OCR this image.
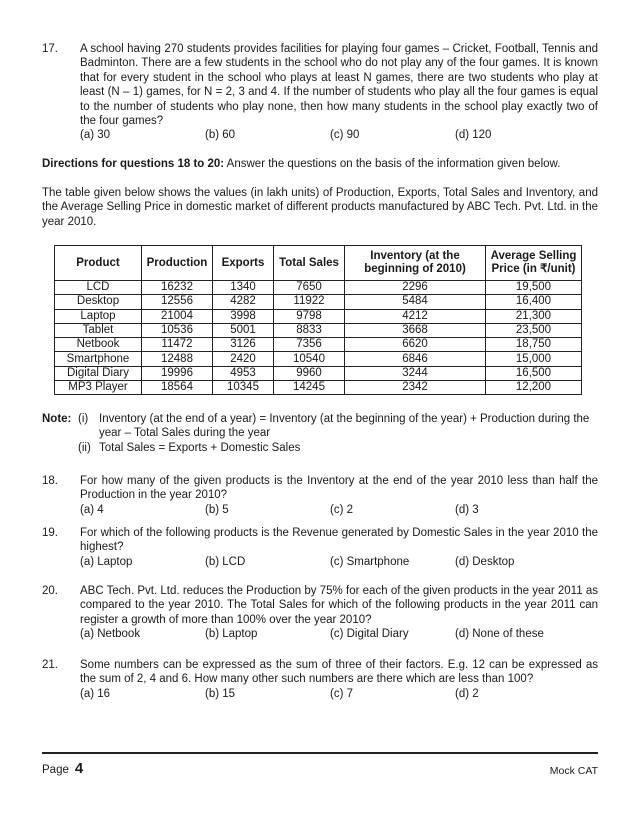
17. A school having 270 students provides facilities for playing four games – Cricket, Football, Tennis and Badminton. There are a few students in the school who do not play any of the four games. It is known that for every student in the school who plays at least N games, there are two students who play at least (N – 1) games, for N = 2, 3 and 4. If the number of students who play all the four games is equal to the number of students who play none, then how many students in the school play exactly two of the four games?
(a) 30	(b) 60	(c) 90	(d) 120
Directions for questions 18 to 20: Answer the questions on the basis of the information given below.
The table given below shows the values (in lakh units) of Production, Exports, Total Sales and Inventory, and the Average Selling Price in domestic market of different products manufactured by ABC Tech. Pvt. Ltd. in the year 2010.
Product	Production	Exports	Total Sales	Inventory (at the beginning of 2010)	Average Selling Price (in ₹/unit)
LCD	16232	1340	7650	2296	19,500
Desktop	12556	4282	11922	5484	16,400
Laptop	21004	3998	9798	4212	21,300
Tablet	10536	5001	8833	3668	23,500
Netbook	11472	3126	7356	6620	18,750
Smartphone	12488	2420	10540	6846	15,000
Digital Diary	19996	4953	9960	3244	16,500
MP3 Player	18564	10345	14245	2342	12,200
Note: (i) Inventory (at the end of a year) = Inventory (at the beginning of the year) + Production during the year – Total Sales during the year
(ii) Total Sales = Exports + Domestic Sales
18. For how many of the given products is the Inventory at the end of the year 2010 less than half the Production in the year 2010?
(a) 4	(b) 5	(c) 2	(d) 3
19. For which of the following products is the Revenue generated by Domestic Sales in the year 2010 the highest?
(a) Laptop	(b) LCD	(c) Smartphone	(d) Desktop
20. ABC Tech. Pvt. Ltd. reduces the Production by 75% for each of the given products in the year 2011 as compared to the year 2010. The Total Sales for which of the following products in the year 2011 can register a growth of more than 100% over the year 2010?
(a) Netbook	(b) Laptop	(c) Digital Diary	(d) None of these
21. Some numbers can be expressed as the sum of three of their factors. E.g. 12 can be expressed as the sum of 2, 4 and 6. How many other such numbers are there which are less than 100?
(a) 16	(b) 15	(c) 7	(d) 2
Page 4	Mock CAT
